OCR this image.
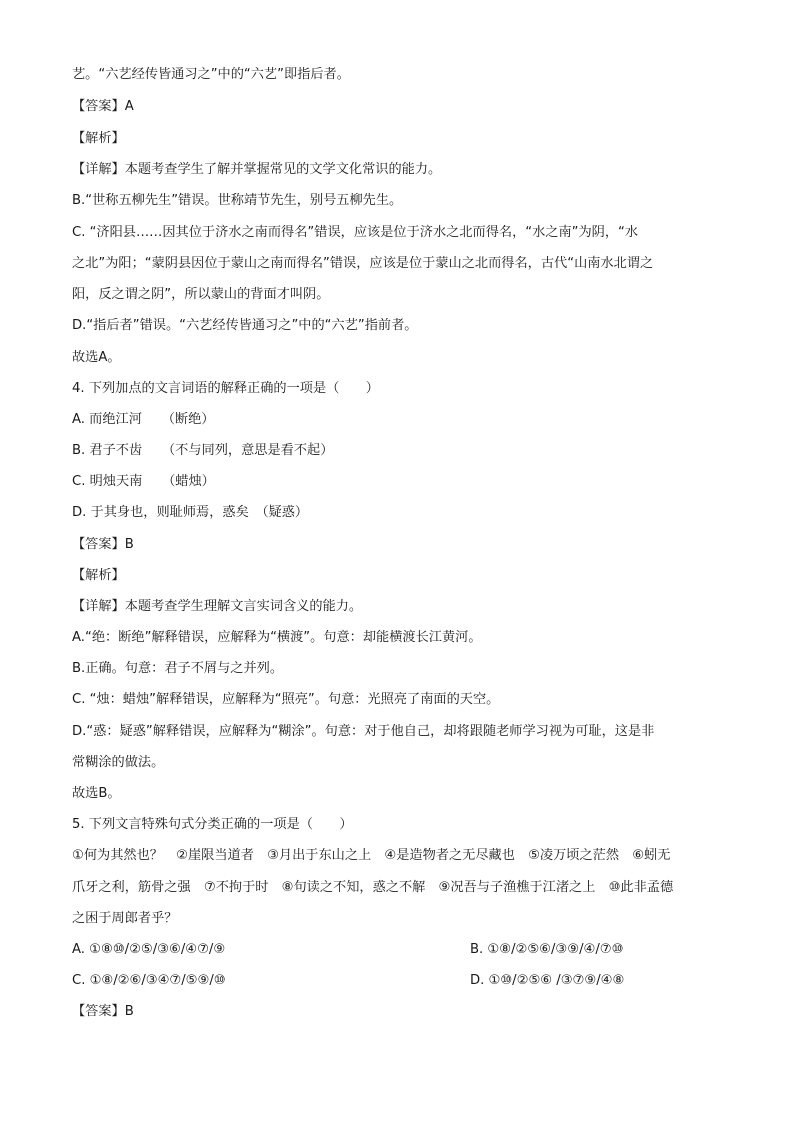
艺。“六艺经传皆通习之”中的“六艺”即指后者。
【答案】A
【解析】
【详解】本题考查学生了解并掌握常见的文学文化常识的能力。
B.“世称五柳先生”错误。世称靖节先生，别号五柳先生。
C. “济阳县……因其位于济水之南而得名”错误，应该是位于济水之北而得名，“水之南”为阴，“水
之北”为阳；“蒙阴县因位于蒙山之南而得名”错误，应该是位于蒙山之北而得名，古代“山南水北谓之
阳，反之谓之阴”，所以蒙山的背面才叫阴。
D.“指后者”错误。“六艺经传皆通习之”中的“六艺”指前者。
故选A。
4. 下列加点的文言词语的解释正确的一项是（　　）
A. 而绝江河　　（断绝）
B. 君子不齿　　（不与同列，意思是看不起）
C. 明烛天南　　（蜡烛）
D. 于其身也，则耻师焉，惑矣　（疑惑）
【答案】B
【解析】
【详解】本题考查学生理解文言实词含义的能力。
A.“绝：断绝”解释错误，应解释为“横渡”。句意：却能横渡长江黄河。
B.正确。句意：君子不屑与之并列。
C. “烛：蜡烛”解释错误，应解释为“照亮”。句意：光照亮了南面的天空。
D.“惑：疑惑”解释错误，应解释为“糊涂”。句意：对于他自己，却将跟随老师学习视为可耻，这是非
常糊涂的做法。
故选B。
5. 下列文言特殊句式分类正确的一项是（　　）
①何为其然也？　②崖限当道者　③月出于东山之上　④是造物者之无尽藏也　⑤凌万顷之茫然　⑥蚓无
爪牙之利，筋骨之强　⑦不拘于时　⑧句读之不知，惑之不解　⑨况吾与子渔樵于江渚之上　⑩此非孟德
之困于周郎者乎？
A. ①⑧⑩/②⑤/③⑥/④⑦/⑨	B. ①⑧/②⑤⑥/③⑨/④/⑦⑩
C. ①⑧/②⑥/③④⑦/⑤⑨/⑩	D. ①⑩/②⑤⑥ /③⑦⑨/④⑧
【答案】B
